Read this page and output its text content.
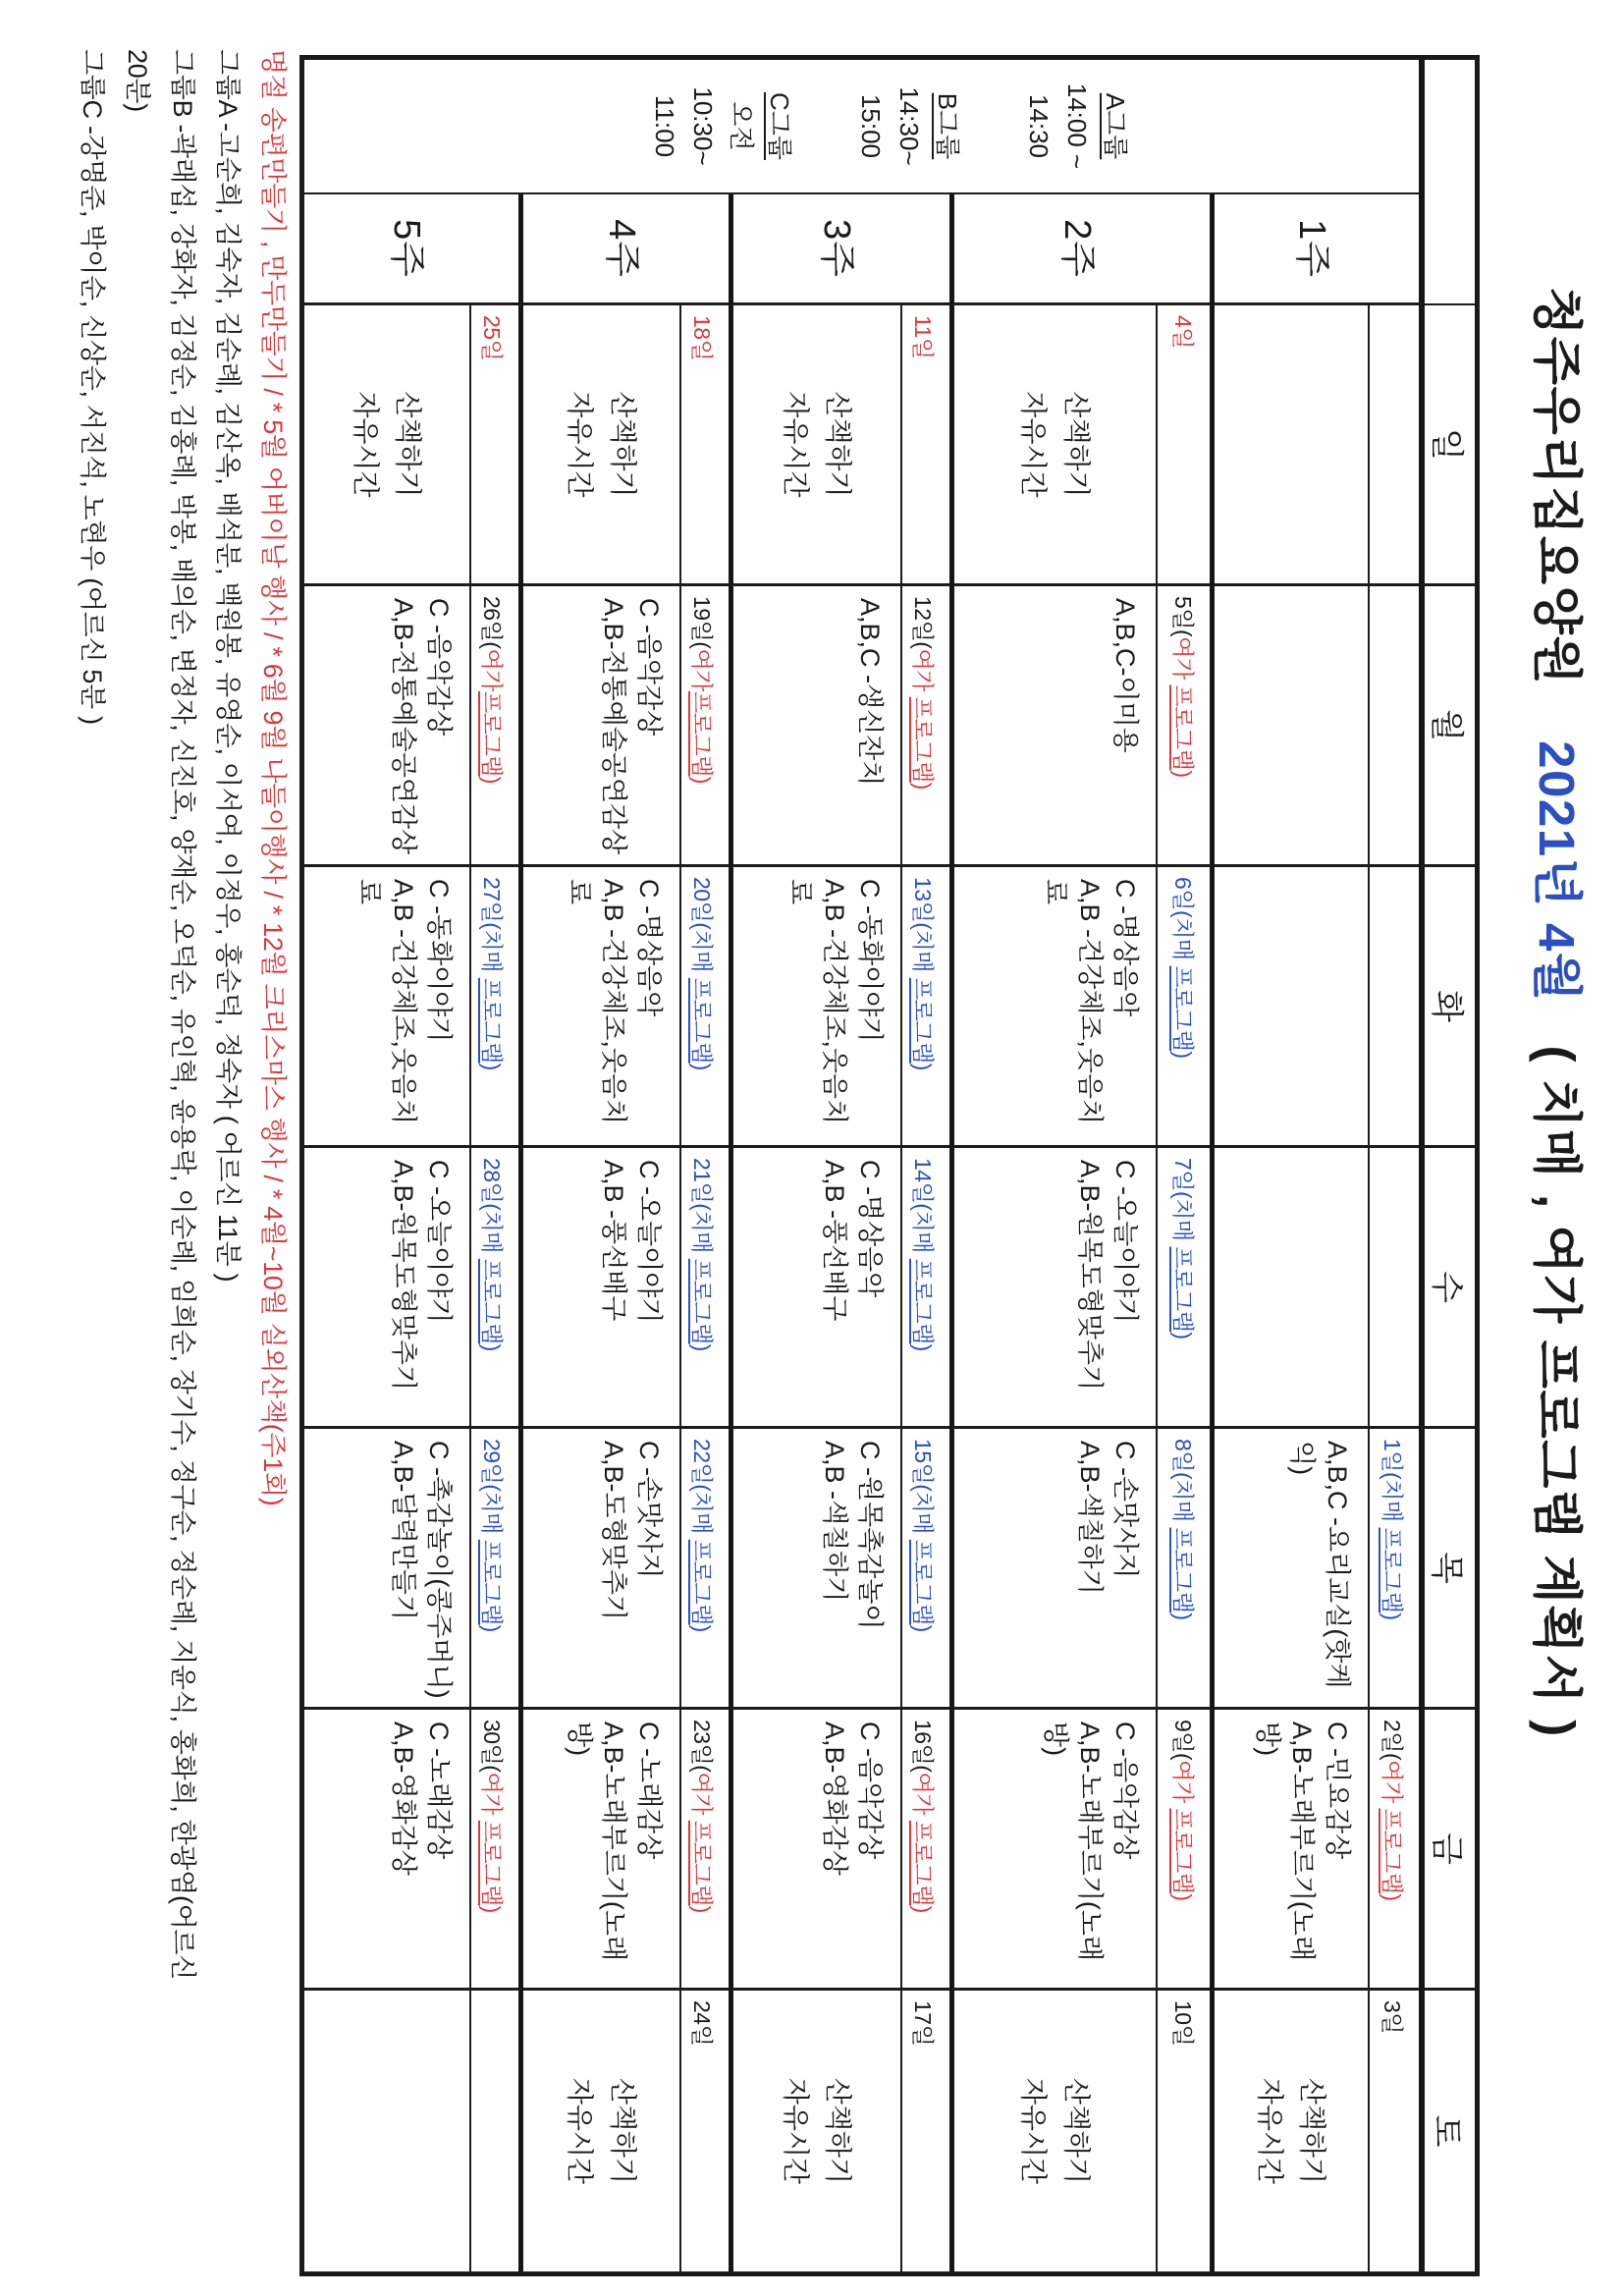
청주우리집요양원2021년 4월( 치매 , 여가 프로그램 계획서 )
일
월
화
수
목
금
토
A그룹
14:00 ~
14:30
B그룹
14:30~
15:00
C그룹
오전
10:30~
11:00
1주
1일(치매 프로그램)
A,B,C -요리교실(핫케익)
2일(여가 프로그램)
C -민요감상
A,B-노래부르기(노래방)
3일
산책하기
자유시간
2주
4일
산책하기
자유시간
5일(여가 프로그램)
A,B,C-이미용
6일(치매 프로그램)
C -명상음악
A,B -건강체조,웃음치료
7일(치매 프로그램)
C -오늘이야기
A,B-원목도형맞추기
8일(치매 프로그램)
C -손맛사지
A,B-색칠하기
9일(여가 프로그램)
C -음악감상
A,B-노래부르기(노래방)
10일
산책하기
자유시간
3주
11일
산책하기
자유시간
12일(여가 프로그램)
A,B,C -생신잔치
13일(치매 프로그램)
C -동화이야기
A,B -건강체조,웃음치료
14일(치매 프로그램)
C -명상음악
A,B -풍선배구
15일(치매 프로그램)
C -원목촉감놀이
A,B -색칠하기
16일(여가 프로그램)
C -음악감상
A,B-영화감상
17일
산책하기
자유시간
4주
18일
산책하기
자유시간
19일(여가프로그램)
C -음악감상
A,B-전통예술공연감상
20일(치매 프로그램)
C -명상음악
A,B -건강체조,웃음치료
21일(치매 프로그램)
C -오늘이야기
A,B -풍선배구
22일(치매 프로그램)
C -손맛사지
A,B-도형맞추기
23일(여가 프로그램)
C -노래감상
A,B-노래부르기(노래방)
24일
산책하기
자유시간
5주
25일
산책하기
자유시간
26일(여가프로그램)
C -음악감상
A,B-전통예술공연감상
27일(치매 프로그램)
C -동화이야기
A,B -건강체조,웃음치료
28일(치매 프로그램)
C -오늘이야기
A,B-원목도형맞추기
29일(치매 프로그램)
C -촉감놀이(콩주머니)
A,B-달력만들기
30일(여가 프로그램)
C -노래감상
A,B-영화감상
명절 송편만들기 , 만두만들기 / * 5월 어버이날 행사 / * 6월 9월 나들이행사 / * 12월 크리스마스 행사 / * 4월~10월 실외산책(주1회)
그룹A -고순희, 김숙자, 김순례, 김산옥, 배석분, 백원봉, 유영순, 이서여, 이정우, 홍순덕, 정숙자 ( 어르신 11분 )
그룹B -곽래섭, 강화자, 김정순, 김홍례, 박봉, 배의순, 변정자, 신진호, 양재순, 오덕순, 유인혁, 윤용락, 이순례, 임희순, 장기수, 정구순, 정순례, 지윤식, 홍화희, 한광염(어르신
20분)
그룹C -강명준, 박이순, 신상순, 서진석, 노현우 (어르신 5분 )
